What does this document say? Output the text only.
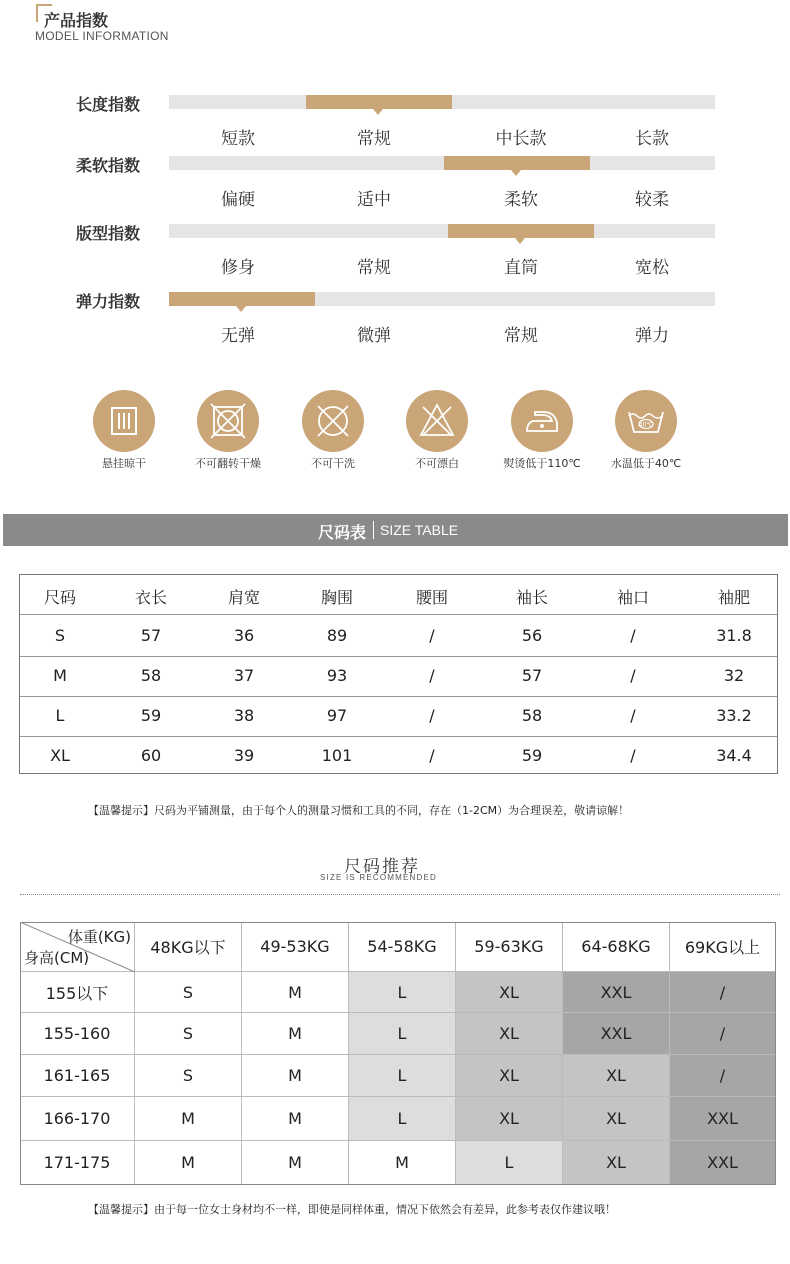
产品指数
MODEL INFORMATION
长度指数
短款	常规	中长款	长款
柔软指数
偏硬	适中	柔软	较柔
版型指数
修身	常规	直筒	宽松
弹力指数
无弹	微弹	常规	弹力
40℃
悬挂晾干	不可翻转干燥	不可干洗	不可漂白	熨烫低于110℃	水温低于40℃
尺码表 SIZE TABLE
尺码	衣长	肩宽	胸围	腰围	袖长	袖口	袖肥
S	57	36	89	/	56	/	31.8
M	58	37	93	/	57	/	32
L	59	38	97	/	58	/	33.2
XL	60	39	101	/	59	/	34.4
【温馨提示】尺码为平铺测量，由于每个人的测量习惯和工具的不同，存在（1-2CM）为合理误差，敬请谅解！
尺码推荐
SIZE IS RECOMMENDED
体重(KG)
身高(CM)
48KG以下	49-53KG	54-58KG	59-63KG	64-68KG	69KG以上
155以下	S	M	L	XL	XXL	/
155-160	S	M	L	XL	XXL	/
161-165	S	M	L	XL	XL	/
166-170	M	M	L	XL	XL	XXL
171-175	M	M	M	L	XL	XXL
【温馨提示】由于每一位女士身材均不一样，即使是同样体重，情况下依然会有差异，此参考表仅作建议哦！
